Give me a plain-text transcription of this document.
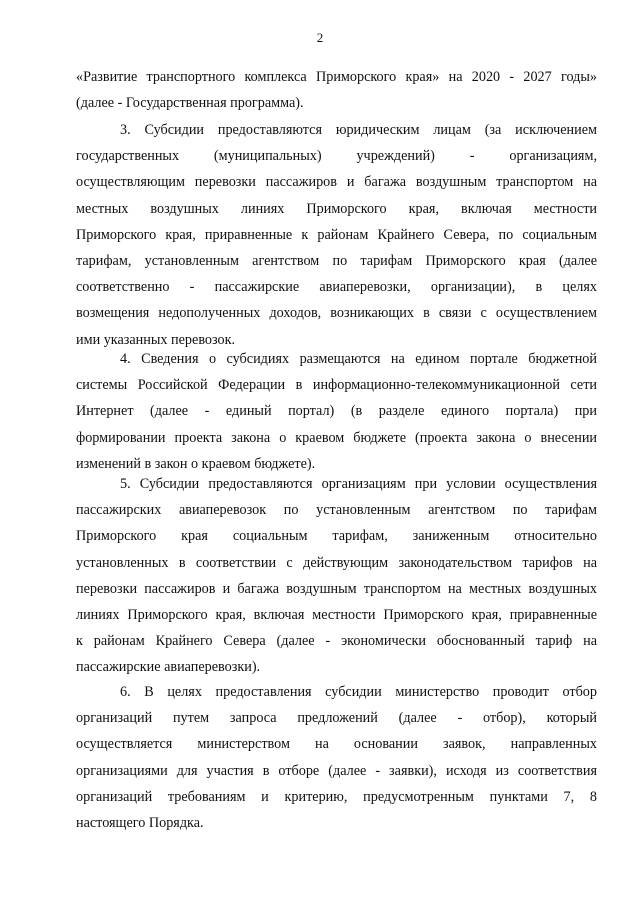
2
«Развитие транспортного комплекса Приморского края» на 2020 - 2027 годы»
(далее - Государственная программа).
3. Субсидии предоставляются юридическим лицам (за исключением
государственных (муниципальных) учреждений) - организациям,
осуществляющим перевозки пассажиров и багажа воздушным транспортом на
местных воздушных линиях Приморского края, включая местности
Приморского края, приравненные к районам Крайнего Севера, по социальным
тарифам, установленным агентством по тарифам Приморского края (далее
соответственно - пассажирские авиаперевозки, организации), в целях
возмещения недополученных доходов, возникающих в связи с осуществлением
ими указанных перевозок.
4. Сведения о субсидиях размещаются на едином портале бюджетной
системы Российской Федерации в информационно-телекоммуникационной сети
Интернет (далее - единый портал) (в разделе единого портала) при
формировании проекта закона о краевом бюджете (проекта закона о внесении
изменений в закон о краевом бюджете).
5. Субсидии предоставляются организациям при условии осуществления
пассажирских авиаперевозок по установленным агентством по тарифам
Приморского края социальным тарифам, заниженным относительно
установленных в соответствии с действующим законодательством тарифов на
перевозки пассажиров и багажа воздушным транспортом на местных воздушных
линиях Приморского края, включая местности Приморского края, приравненные
к районам Крайнего Севера (далее - экономически обоснованный тариф на
пассажирские авиаперевозки).
6. В целях предоставления субсидии министерство проводит отбор
организаций путем запроса предложений (далее - отбор), который
осуществляется министерством на основании заявок, направленных
организациями для участия в отборе (далее - заявки), исходя из соответствия
организаций требованиям и критерию, предусмотренным пунктами 7, 8
настоящего Порядка.
